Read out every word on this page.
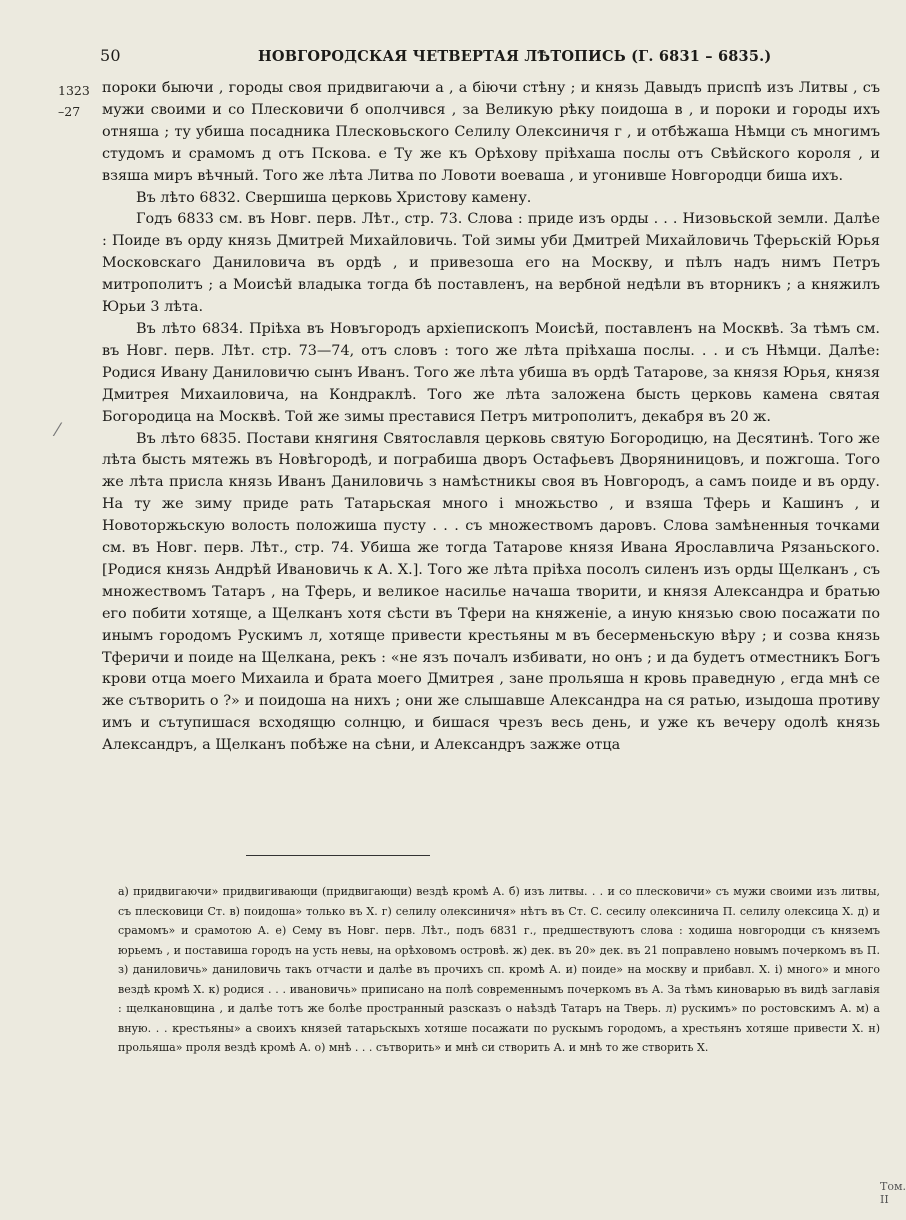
50	НОВГОРОДСКАЯ ЧЕТВЕРТАЯ ЛѢТОПИСЬ (Г. 6831 – 6835.)
1323
–27
⁄

пороки быючи , городы своя придвигаючи а , а біючи стѣну ; и князь Давыдъ приспѣ изъ Литвы , съ мужи своими и со Плесковичи б ополчився , за Великую рѣку поидоша в , и пороки и городы ихъ отняша ; ту убиша посадника Плесковьского Селилу Олексиничя г , и отбѣжаша Нѣмци съ многимъ студомъ и срамомъ д отъ Пскова. е Ту же къ Орѣхову пріѣхаша послы отъ Свѣйского короля , и взяша миръ вѣчный. Того же лѣта Литва по Ловоти воеваша , и угонивше Новгородци биша ихъ.

Въ лѣто 6832. Свершиша церковь Христову камену.

Годъ 6833 см. въ Новг. перв. Лѣт., стр. 73. Слова : приде изъ орды . . . Низовьской земли. Далѣе : Поиде въ орду князь Дмитрей Михайловичь. Той зимы уби Дмитрей Михайловичь Тферьскій Юрья Московскаго Даниловича въ ордѣ , и привезоша его на Москву, и пѣлъ надъ нимъ Петръ митрополитъ ; а Моисѣй владыка тогда бѣ поставленъ, на вербной недѣли въ вторникъ ; а княжилъ Юрьи 3 лѣта.

Въ лѣто 6834. Пріѣха въ Новъгородъ архіепископъ Моисѣй, поставленъ на Москвѣ. За тѣмъ см. въ Новг. перв. Лѣт. стр. 73—74, отъ словъ : того же лѣта пріѣхаша послы. . . и съ Нѣмци. Далѣе: Родися Ивану Даниловичю сынъ Иванъ. Того же лѣта убиша въ ордѣ Татарове, за князя Юрья, князя Дмитрея Михаиловича, на Кондраклѣ. Того же лѣта заложена бысть церковь камена святая Богородица на Москвѣ. Той же зимы преставися Петръ митрополитъ, декабря въ 20 ж.

Въ лѣто 6835. Постави княгиня Святославля церковь святую Богородицю, на Десятинѣ. Того же лѣта бысть мятежь въ Новѣгородѣ, и пограбиша дворъ Остафьевъ Дворяниницовъ, и пожгоша. Того же лѣта присла князь Иванъ Даниловичь з намѣстникы своя въ Новгородъ, а самъ поиде и въ орду. На ту же зиму приде рать Татарьская много і множьство , и взяша Тферь и Кашинъ , и Новоторжьскую волость положиша пусту . . . съ множествомъ даровъ. Слова замѣненныя точками см. въ Новг. перв. Лѣт., стр. 74. Убиша же тогда Татарове князя Ивана Ярославлича Рязаньского. [Родися князь Андрѣй Ивановичь к А. Х.]. Того же лѣта пріѣха посолъ силенъ изъ орды Щелканъ , съ множествомъ Татаръ , на Тферь, и великое насилье начаша творити, и князя Александра и братью его побити хотяще, а Щелканъ хотя сѣсти въ Тфери на княженіе, а иную князью свою посажати по инымъ городомъ Рускимъ л, хотяще привести крестьяны м въ бесерменьскую вѣру ; и созва князь Тферичи и поиде на Щелкана, рекъ : «не язъ почалъ избивати, но онъ ; и да будетъ отместникъ Богъ крови отца моего Михаила и брата моего Дмитрея , зане прольяша н кровь праведную , егда мнѣ се же сътворить о ?» и поидоша на нихъ ; они же слышавше Александра на ся ратью, изыдоша противу имъ и сътупишася всходящю солнцю, и бишася чрезъ весь день, и уже къ вечеру одолѣ князь Александръ, а Щелканъ побѣже на сѣни, и Александръ зажже отца

а) придвигаючи» придвигивающи (придвигающи) вездѣ кромѣ А. б) изъ литвы. . . и со плесковичи» съ мужи своими изъ литвы, съ плесковици Ст. в) поидоша» только въ Х. г) селилу олексиничя» нѣтъ въ Ст. С. сесилу олексинича П. селилу олексица Х. д) и срамомъ» и срамотою А. е) Сему въ Новг. перв. Лѣт., подъ 6831 г., предшествуютъ слова : ходиша новгородци съ княземъ юрьемъ , и поставиша городъ на усть невы, на орѣховомъ островѣ. ж) дек. въ 20» дек. въ 21 поправлено новымъ почеркомъ въ П. з) даниловичь» даниловичь такъ отчасти и далѣе въ прочихъ сп. кромѣ А. и) поиде» на москву и прибавл. Х. і) много» и много вездѣ кромѣ Х. к) родися . . . ивановичь» приписано на полѣ современнымъ почеркомъ въ А. За тѣмъ киноварью въ видѣ заглавія : щелкановщина , и далѣе тотъ же болѣе пространный разсказъ о наѣздѣ Татаръ на Тверь. л) рускимъ» по ростовскимъ А. м) а вную. . . крестьяны» а своихъ князей татарьскыхъ хотяше посажати по рускымъ городомъ, а хрестьянъ хотяше привести Х. н) прольяша» проля вездѣ кромѣ А. о) мнѣ . . . сътворить» и мнѣ си створить А. и мнѣ то же створить Х.

Том. II
